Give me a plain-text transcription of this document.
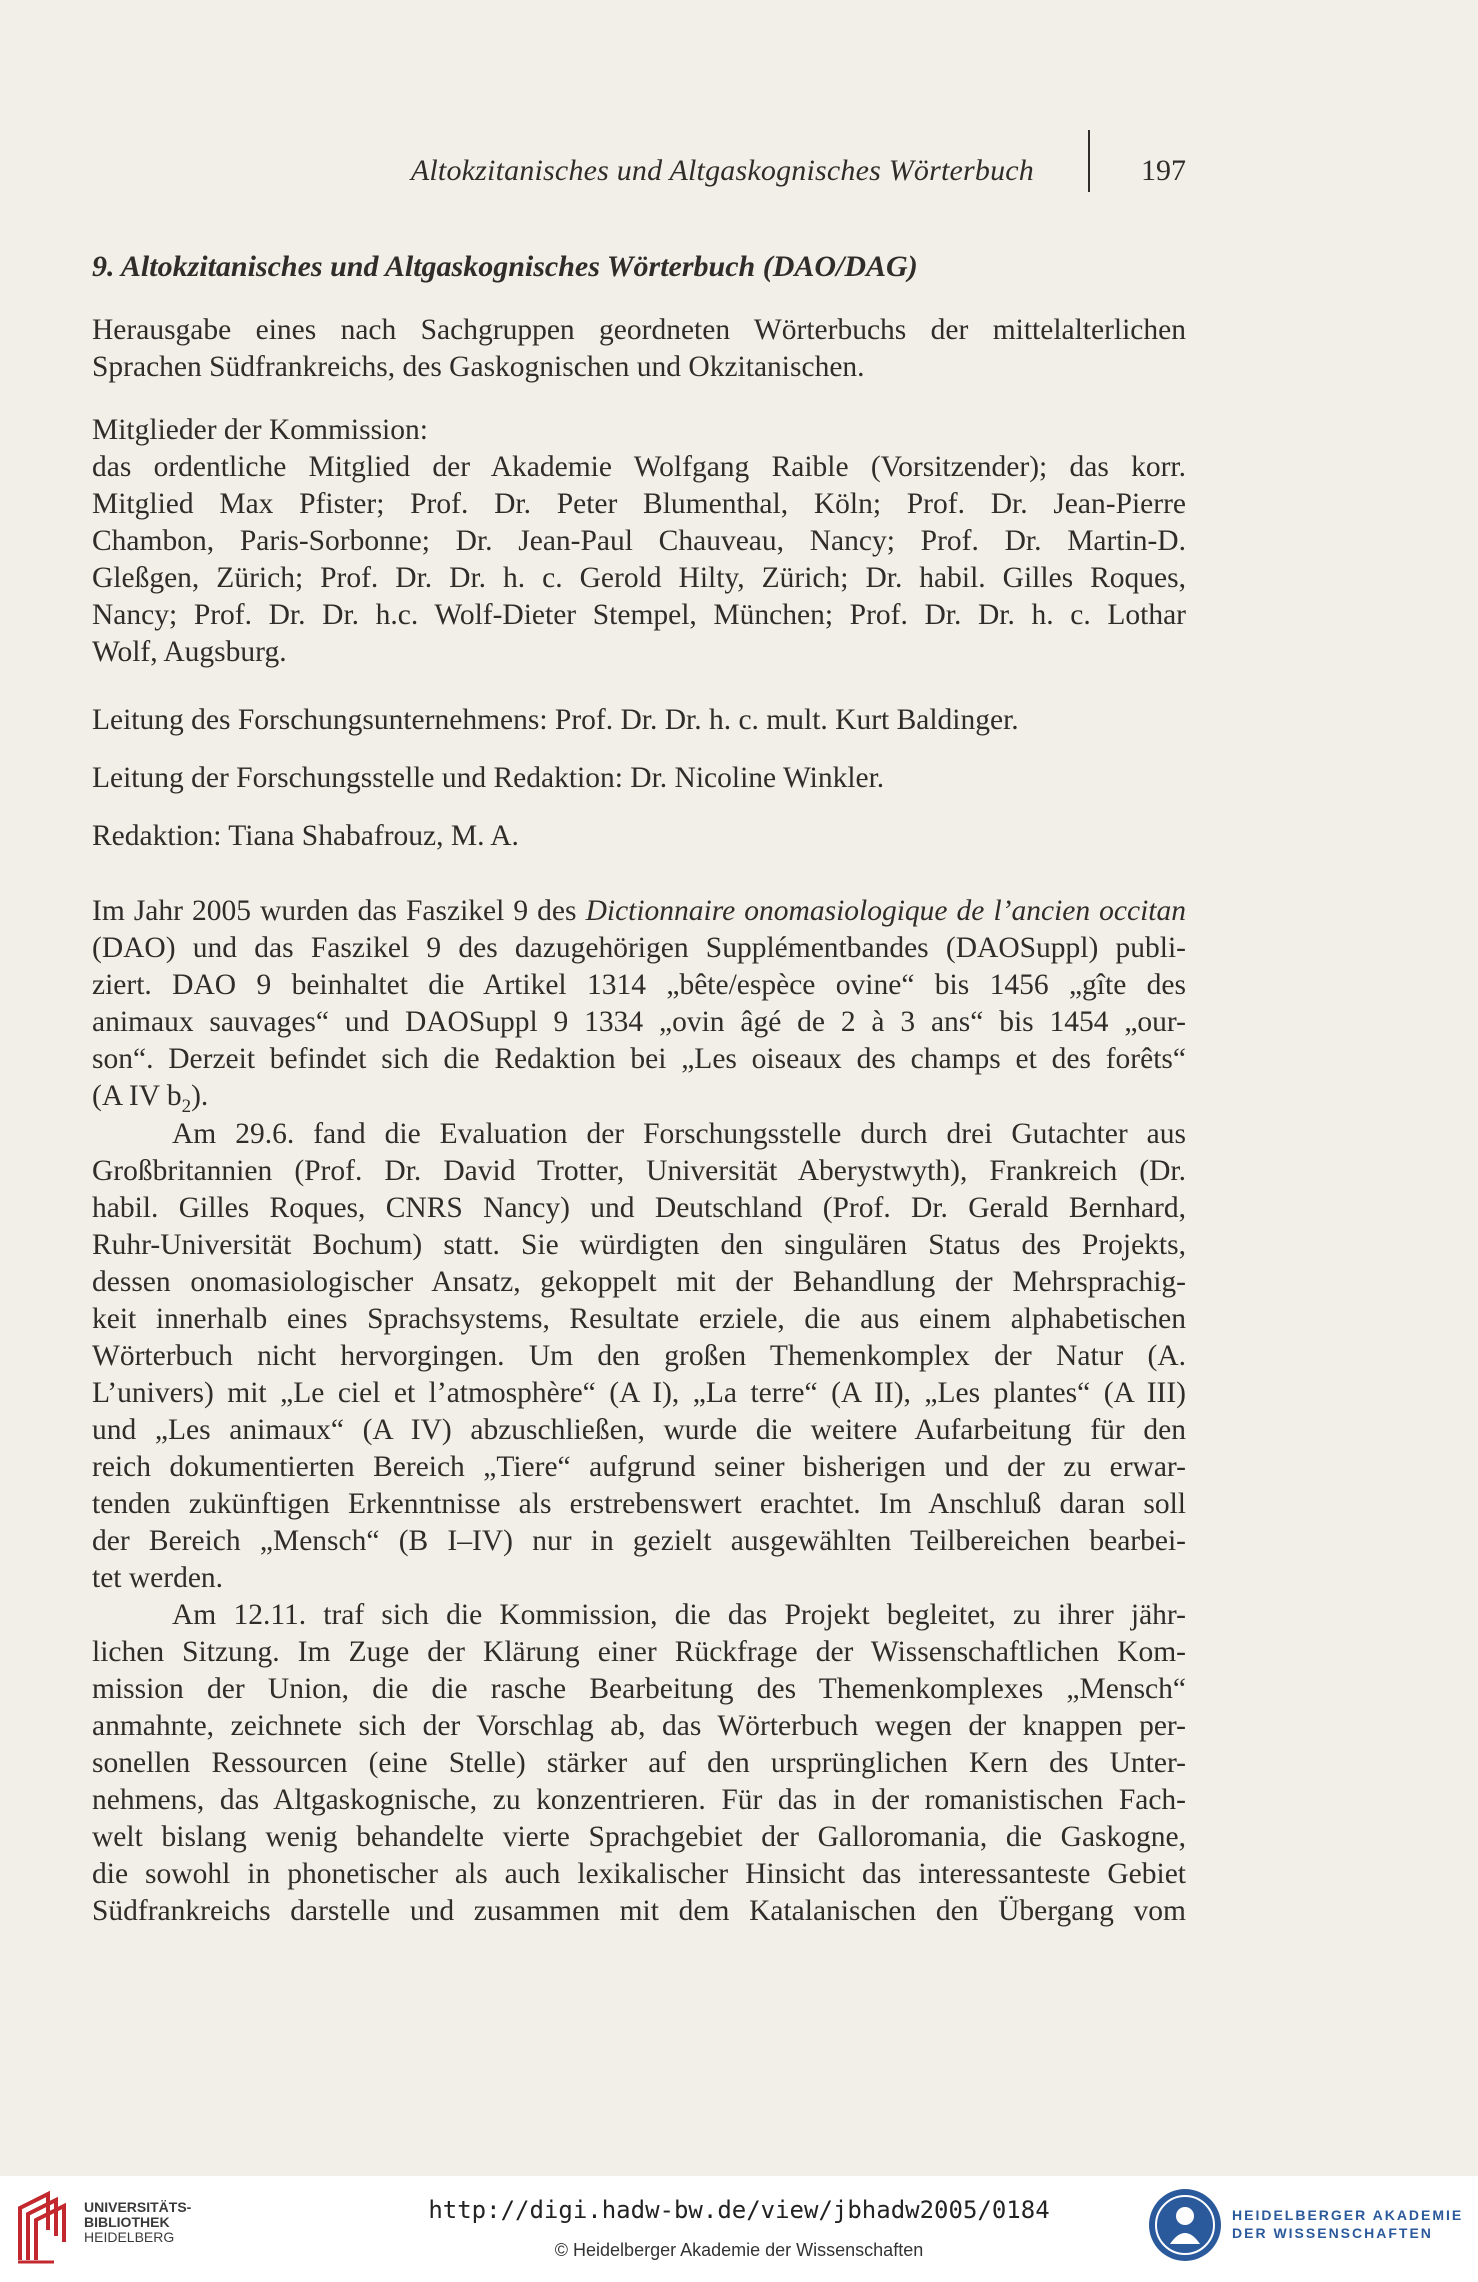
Altokzitanisches und Altgaskognisches Wörterbuch	197
9. Altokzitanisches und Altgaskognisches Wörterbuch (DAO/DAG)

Herausgabe eines nach Sachgruppen geordneten Wörterbuchs der mittelalterlichen
Sprachen Südfrankreichs, des Gaskognischen und Okzitanischen.

Mitglieder der Kommission:
das ordentliche Mitglied der Akademie Wolfgang Raible (Vorsitzender); das korr.
Mitglied Max Pfister; Prof. Dr. Peter Blumenthal, Köln; Prof. Dr. Jean-Pierre
Chambon, Paris-Sorbonne; Dr. Jean-Paul Chauveau, Nancy; Prof. Dr. Martin-D.
Gleßgen, Zürich; Prof. Dr. Dr. h. c. Gerold Hilty, Zürich; Dr. habil. Gilles Roques,
Nancy; Prof. Dr. Dr. h.c. Wolf-Dieter Stempel, München; Prof. Dr. Dr. h. c. Lothar
Wolf, Augsburg.

Leitung des Forschungsunternehmens: Prof. Dr. Dr. h. c. mult. Kurt Baldinger.

Leitung der Forschungsstelle und Redaktion: Dr. Nicoline Winkler.

Redaktion: Tiana Shabafrouz, M. A.

Im Jahr 2005 wurden das Faszikel 9 des Dictionnaire onomasiologique de l’ancien occitan
(DAO) und das Faszikel 9 des dazugehörigen Supplémentbandes (DAOSuppl) publi-
ziert. DAO 9 beinhaltet die Artikel 1314 „bête/espèce ovine“ bis 1456 „gîte des
animaux sauvages“ und DAOSuppl 9 1334 „ovin âgé de 2 à 3 ans“ bis 1454 „our-
son“. Derzeit befindet sich die Redaktion bei „Les oiseaux des champs et des forêts“
(A IV $b_2$).

Am 29.6. fand die Evaluation der Forschungsstelle durch drei Gutachter aus
Großbritannien (Prof. Dr. David Trotter, Universität Aberystwyth), Frankreich (Dr.
habil. Gilles Roques, CNRS Nancy) und Deutschland (Prof. Dr. Gerald Bernhard,
Ruhr-Universität Bochum) statt. Sie würdigten den singulären Status des Projekts,
dessen onomasiologischer Ansatz, gekoppelt mit der Behandlung der Mehrsprachig-
keit innerhalb eines Sprachsystems, Resultate erziele, die aus einem alphabetischen
Wörterbuch nicht hervorgingen. Um den großen Themenkomplex der Natur (A.
L’univers) mit „Le ciel et l’atmosphère“ (A I), „La terre“ (A II), „Les plantes“ (A III)
und „Les animaux“ (A IV) abzuschließen, wurde die weitere Aufarbeitung für den
reich dokumentierten Bereich „Tiere“ aufgrund seiner bisherigen und der zu erwar-
tenden zukünftigen Erkenntnisse als erstrebenswert erachtet. Im Anschluß daran soll
der Bereich „Mensch“ (B I–IV) nur in gezielt ausgewählten Teilbereichen bearbei-
tet werden.

Am 12.11. traf sich die Kommission, die das Projekt begleitet, zu ihrer jähr-
lichen Sitzung. Im Zuge der Klärung einer Rückfrage der Wissenschaftlichen Kom-
mission der Union, die die rasche Bearbeitung des Themenkomplexes „Mensch“
anmahnte, zeichnete sich der Vorschlag ab, das Wörterbuch wegen der knappen per-
sonellen Ressourcen (eine Stelle) stärker auf den ursprünglichen Kern des Unter-
nehmens, das Altgaskognische, zu konzentrieren. Für das in der romanistischen Fach-
welt bislang wenig behandelte vierte Sprachgebiet der Galloromania, die Gaskogne,
die sowohl in phonetischer als auch lexikalischer Hinsicht das interessanteste Gebiet
Südfrankreichs darstelle und zusammen mit dem Katalanischen den Übergang vom

UNIVERSITÄTS-
BIBLIOTHEK
HEIDELBERG
http://digi.hadw-bw.de/view/jbhadw2005/0184
© Heidelberger Akademie der Wissenschaften
HEIDELBERGER AKADEMIE
DER WISSENSCHAFTEN
